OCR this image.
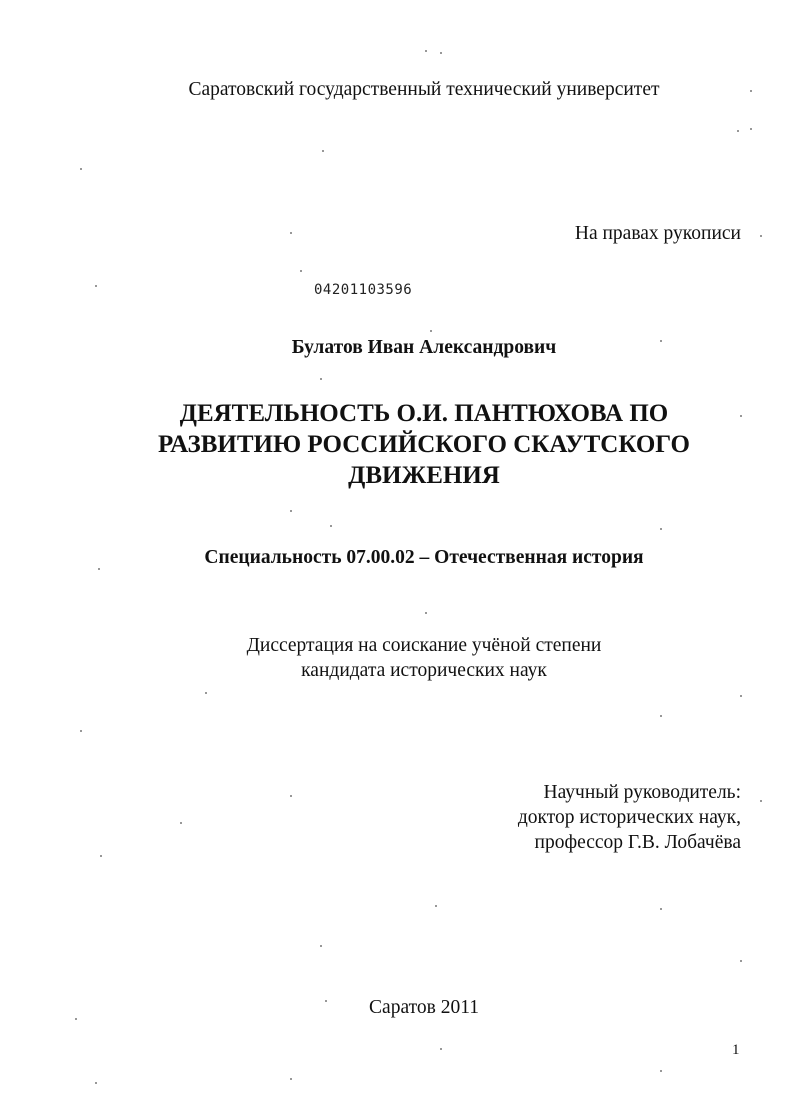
Саратовский государственный технический университет
На правах рукописи
04201103596
Булатов Иван Александрович
ДЕЯТЕЛЬНОСТЬ О.И. ПАНТЮХОВА ПО
РАЗВИТИЮ РОССИЙСКОГО СКАУТСКОГО
ДВИЖЕНИЯ
Специальность 07.00.02 – Отечественная история
Диссертация на соискание учёной степени
кандидата исторических наук
Научный руководитель:
доктор исторических наук,
профессор Г.В. Лобачёва
Саратов 2011
1
